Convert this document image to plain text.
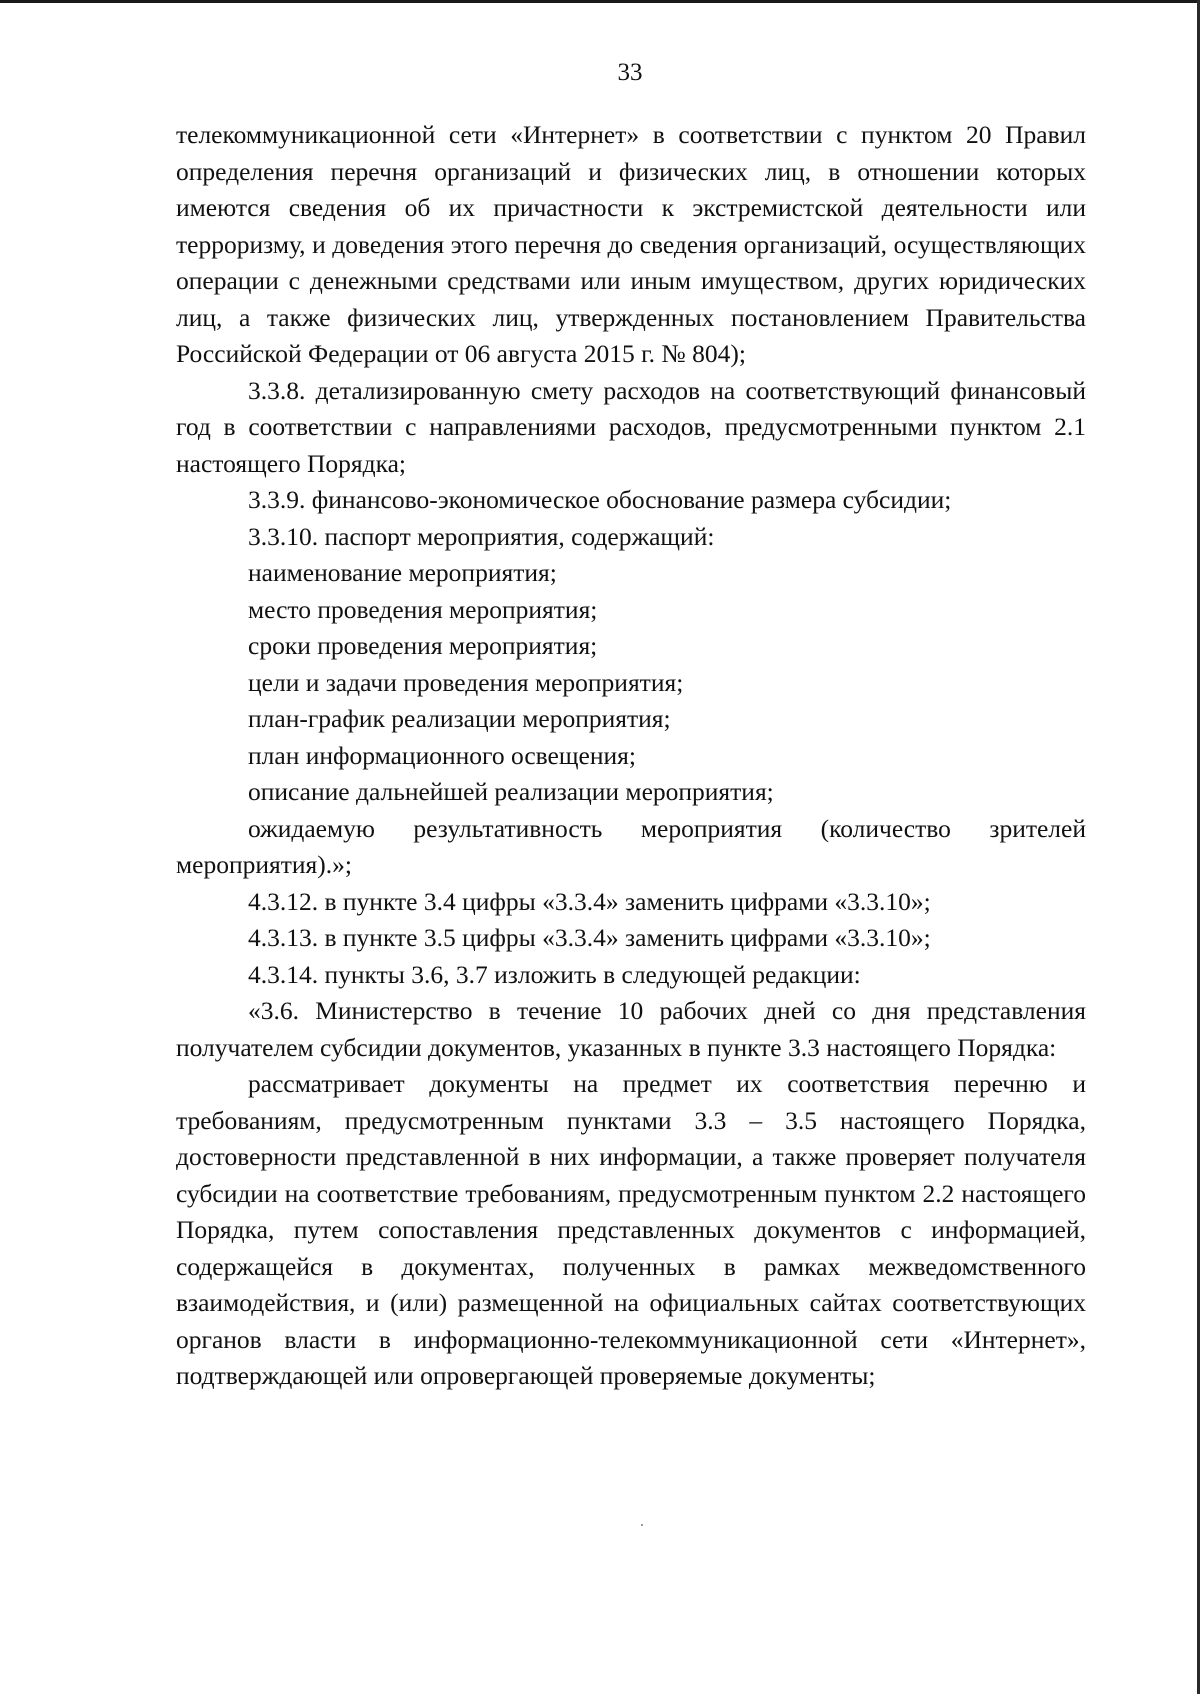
33

телекоммуникационной сети «Интернет» в соответствии с пунктом 20 Правил определения перечня организаций и физических лиц, в отношении которых имеются сведения об их причастности к экстремистской деятельности или терроризму, и доведения этого перечня до сведения организаций, осуществляющих операции с денежными средствами или иным имуществом, других юридических лиц, а также физических лиц, утвержденных постановлением Правительства Российской Федерации от 06 августа 2015 г. № 804);

3.3.8. детализированную смету расходов на соответствующий финансовый год в соответствии с направлениями расходов, предусмотренными пунктом 2.1 настоящего Порядка;

3.3.9. финансово-экономическое обоснование размера субсидии;

3.3.10. паспорт мероприятия, содержащий:

наименование мероприятия;

место проведения мероприятия;

сроки проведения мероприятия;

цели и задачи проведения мероприятия;

план-график реализации мероприятия;

план информационного освещения;

описание дальнейшей реализации мероприятия;

ожидаемую результативность мероприятия (количество зрителей мероприятия).»;

4.3.12. в пункте 3.4 цифры «3.3.4» заменить цифрами «3.3.10»;

4.3.13. в пункте 3.5 цифры «3.3.4» заменить цифрами «3.3.10»;

4.3.14. пункты 3.6, 3.7 изложить в следующей редакции:

«3.6. Министерство в течение 10 рабочих дней со дня представления получателем субсидии документов, указанных в пункте 3.3 настоящего Порядка:

рассматривает документы на предмет их соответствия перечню и требованиям, предусмотренным пунктами 3.3 – 3.5 настоящего Порядка, достоверности представленной в них информации, а также проверяет получателя субсидии на соответствие требованиям, предусмотренным пунктом 2.2 настоящего Порядка, путем сопоставления представленных документов с информацией, содержащейся в документах, полученных в рамках межведомственного взаимодействия, и (или) размещенной на официальных сайтах соответствующих органов власти в информационно-телекоммуникационной сети «Интернет», подтверждающей или опровергающей проверяемые документы;
